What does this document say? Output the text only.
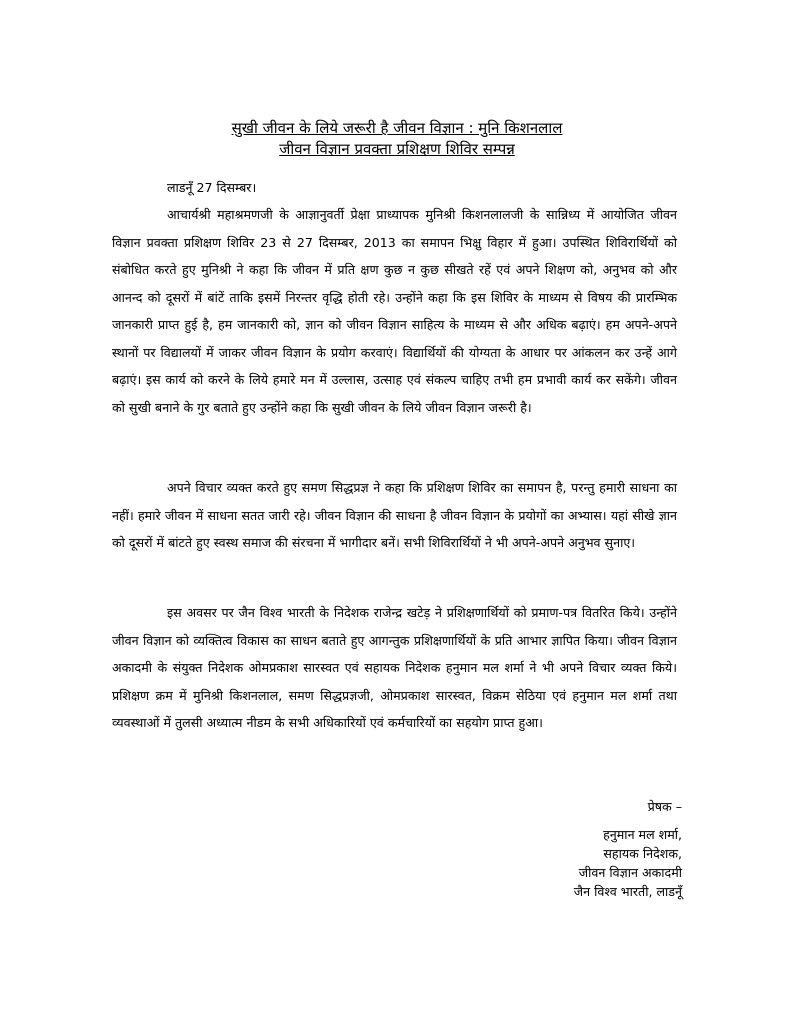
सुखी जीवन के लिये जरूरी है जीवन विज्ञान : मुनि किशनलाल
जीवन विज्ञान प्रवक्ता प्रशिक्षण शिविर सम्पन्न
लाडनूँ 27 दिसम्बर।

आचार्यश्री महाश्रमणजी के आज्ञानुवर्ती प्रेक्षा प्राध्यापक मुनिश्री किशनलालजी के सान्निध्य में आयोजित जीवन विज्ञान प्रवक्ता प्रशिक्षण शिविर 23 से 27 दिसम्बर, 2013 का समापन भिक्षु विहार में हुआ। उपस्थित शिविरार्थियों को संबोधित करते हुए मुनिश्री ने कहा कि जीवन में प्रति क्षण कुछ न कुछ सीखते रहें एवं अपने शिक्षण को, अनुभव को और आनन्द को दूसरों में बांटें ताकि इसमें निरन्तर वृद्धि होती रहे। उन्होंने कहा कि इस शिविर के माध्यम से विषय की प्रारम्भिक जानकारी प्राप्त हुई है, हम जानकारी को, ज्ञान को जीवन विज्ञान साहित्य के माध्यम से और अधिक बढ़ाएं। हम अपने-अपने स्थानों पर विद्यालयों में जाकर जीवन विज्ञान के प्रयोग करवाएं। विद्यार्थियों की योग्यता के आधार पर आंकलन कर उन्हें आगे बढ़ाएं। इस कार्य को करने के लिये हमारे मन में उल्लास, उत्साह एवं संकल्प चाहिए तभी हम प्रभावी कार्य कर सकेंगे। जीवन को सुखी बनाने के गुर बताते हुए उन्होंने कहा कि सुखी जीवन के लिये जीवन विज्ञान जरूरी है।

अपने विचार व्यक्त करते हुए समण सिद्धप्रज्ञ ने कहा कि प्रशिक्षण शिविर का समापन है, परन्तु हमारी साधना का नहीं। हमारे जीवन में साधना सतत जारी रहे। जीवन विज्ञान की साधना है जीवन विज्ञान के प्रयोगों का अभ्यास। यहां सीखे ज्ञान को दूसरों में बांटते हुए स्वस्थ समाज की संरचना में भागीदार बनें। सभी शिविरार्थियों ने भी अपने-अपने अनुभव सुनाए।

इस अवसर पर जैन विश्व भारती के निदेशक राजेन्द्र खटेड़ ने प्रशिक्षणार्थियों को प्रमाण-पत्र वितरित किये। उन्होंने जीवन विज्ञान को व्यक्तित्व विकास का साधन बताते हुए आगन्तुक प्रशिक्षणार्थियों के प्रति आभार ज्ञापित किया। जीवन विज्ञान अकादमी के संयुक्त निदेशक ओमप्रकाश सारस्वत एवं सहायक निदेशक हनुमान मल शर्मा ने भी अपने विचार व्यक्त किये। प्रशिक्षण क्रम में मुनिश्री किशनलाल, समण सिद्धप्रज्ञजी, ओमप्रकाश सारस्वत, विक्रम सेठिया एवं हनुमान मल शर्मा तथा व्यवस्थाओं में तुलसी अध्यात्म नीडम के सभी अधिकारियों एवं कर्मचारियों का सहयोग प्राप्त हुआ।

प्रेषक –
हनुमान मल शर्मा,
सहायक निदेशक,
जीवन विज्ञान अकादमी
जैन विश्व भारती, लाडनूँ
